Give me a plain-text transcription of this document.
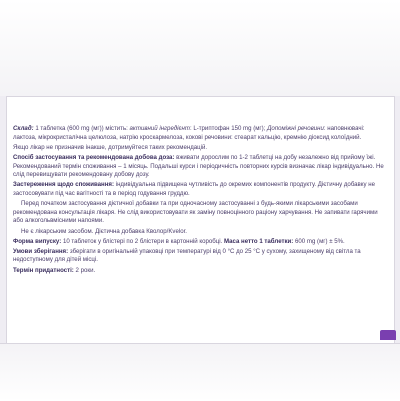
Склад: 1 таблетка (600 mg (мг)) містить: активний інгредієнт: L-триптофан 150 mg (мг); Допоміжні речовини: наповнювачі: лактоза, мікрокристалічна целюлоза, натрію кроскармелоза, кокові речовини: стеарат кальцію, кремнію діоксид колоїдний.

Якщо лікар не призначив інакше, дотримуйтеся таких рекомендацій.

Спосіб застосування та рекомендована добова доза: вживати дорослим по 1-2 таблетці на добу незалежно від прийому їжі. Рекомендований термін споживання – 1 місяць. Подальші курси і періодичність повторних курсів визначає лікар індивідуально. Не слід перевищувати рекомендовану добову дозу.

Застереження щодо споживання: індивідуальна підвищена чутливість до окремих компонентів продукту. Дієтичну добавку не застосовувати під час вагітності та в період годування груддю.

Перед початком застосування дієтичної добавки та при одночасному застосуванні з будь-якими лікарськими засобами рекомендована консультація лікаря. Не слід використовувати як заміну повноцінного раціону харчування. Не запивати гарячими або алкогольвмісними напоями.

Не є лікарським засобом. Дієтична добавка Кволор/Kvelor.

Форма випуску: 10 таблеток у блістері по 2 блістери в картонній коробці. Маса нетто 1 таблетки: 600 mg (мг) ± 5%.

Умови зберігання: зберігати в оригінальній упаковці при температурі від 0 °C до 25 °C у сухому, захищеному від світла та недоступному для дітей місці.

Термін придатності: 2 роки.
